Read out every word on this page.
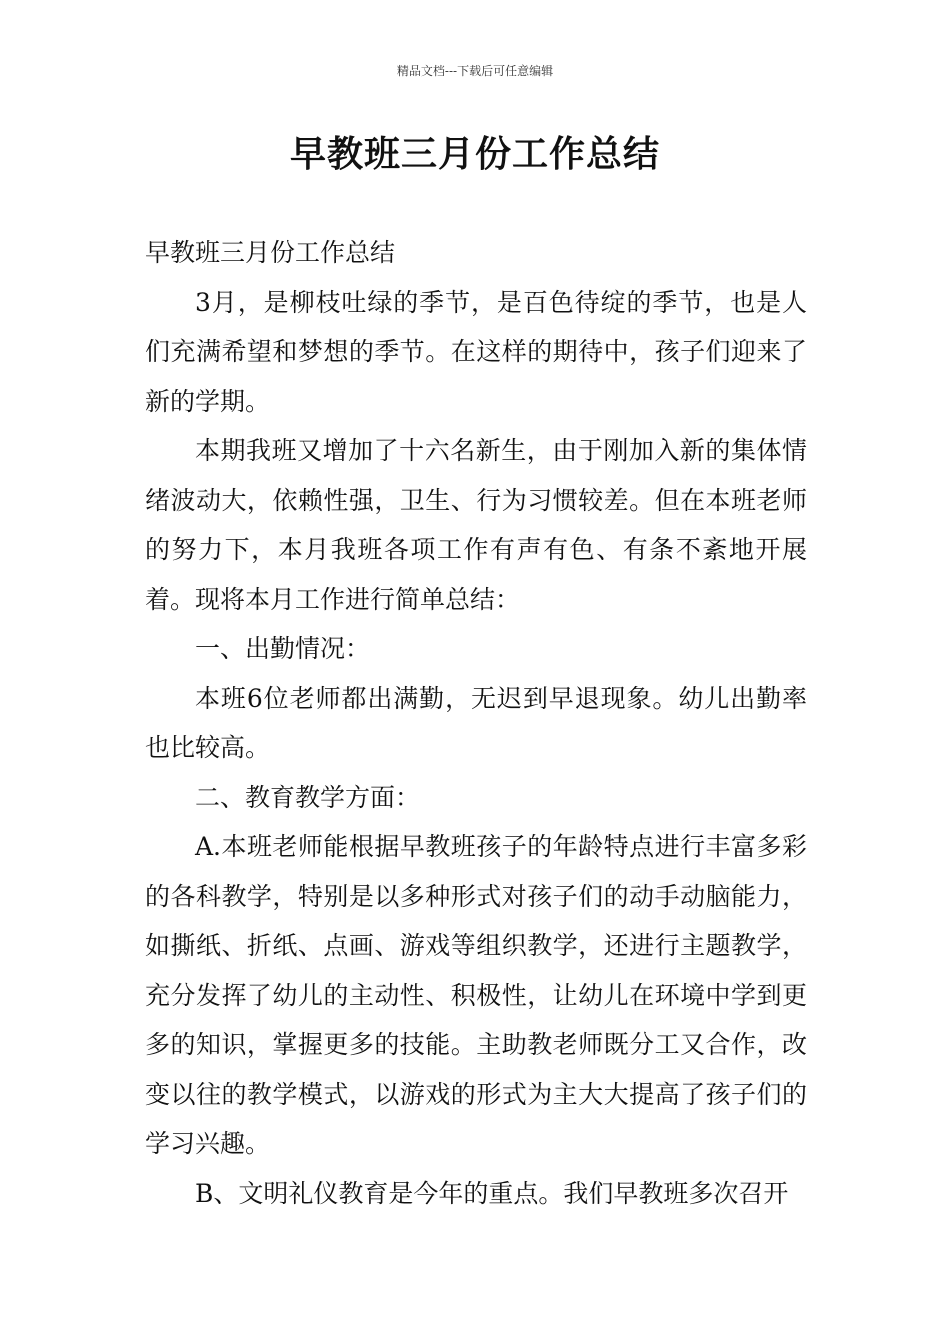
精品文档---下载后可任意编辑
早教班三月份工作总结

早教班三月份工作总结

3月，是柳枝吐绿的季节，是百色待绽的季节，也是人们充满希望和梦想的季节。在这样的期待中，孩子们迎来了新的学期。

本期我班又增加了十六名新生，由于刚加入新的集体情绪波动大，依赖性强，卫生、行为习惯较差。但在本班老师的努力下，本月我班各项工作有声有色、有条不紊地开展着。现将本月工作进行简单总结：

一、出勤情况：

本班6位老师都出满勤，无迟到早退现象。幼儿出勤率也比较高。

二、教育教学方面：

A.本班老师能根据早教班孩子的年龄特点进行丰富多彩的各科教学，特别是以多种形式对孩子们的动手动脑能力，如撕纸、折纸、点画、游戏等组织教学，还进行主题教学，充分发挥了幼儿的主动性、积极性，让幼儿在环境中学到更多的知识，掌握更多的技能。主助教老师既分工又合作，改变以往的教学模式，以游戏的形式为主大大提高了孩子们的学习兴趣。

B、文明礼仪教育是今年的重点。我们早教班多次召开
